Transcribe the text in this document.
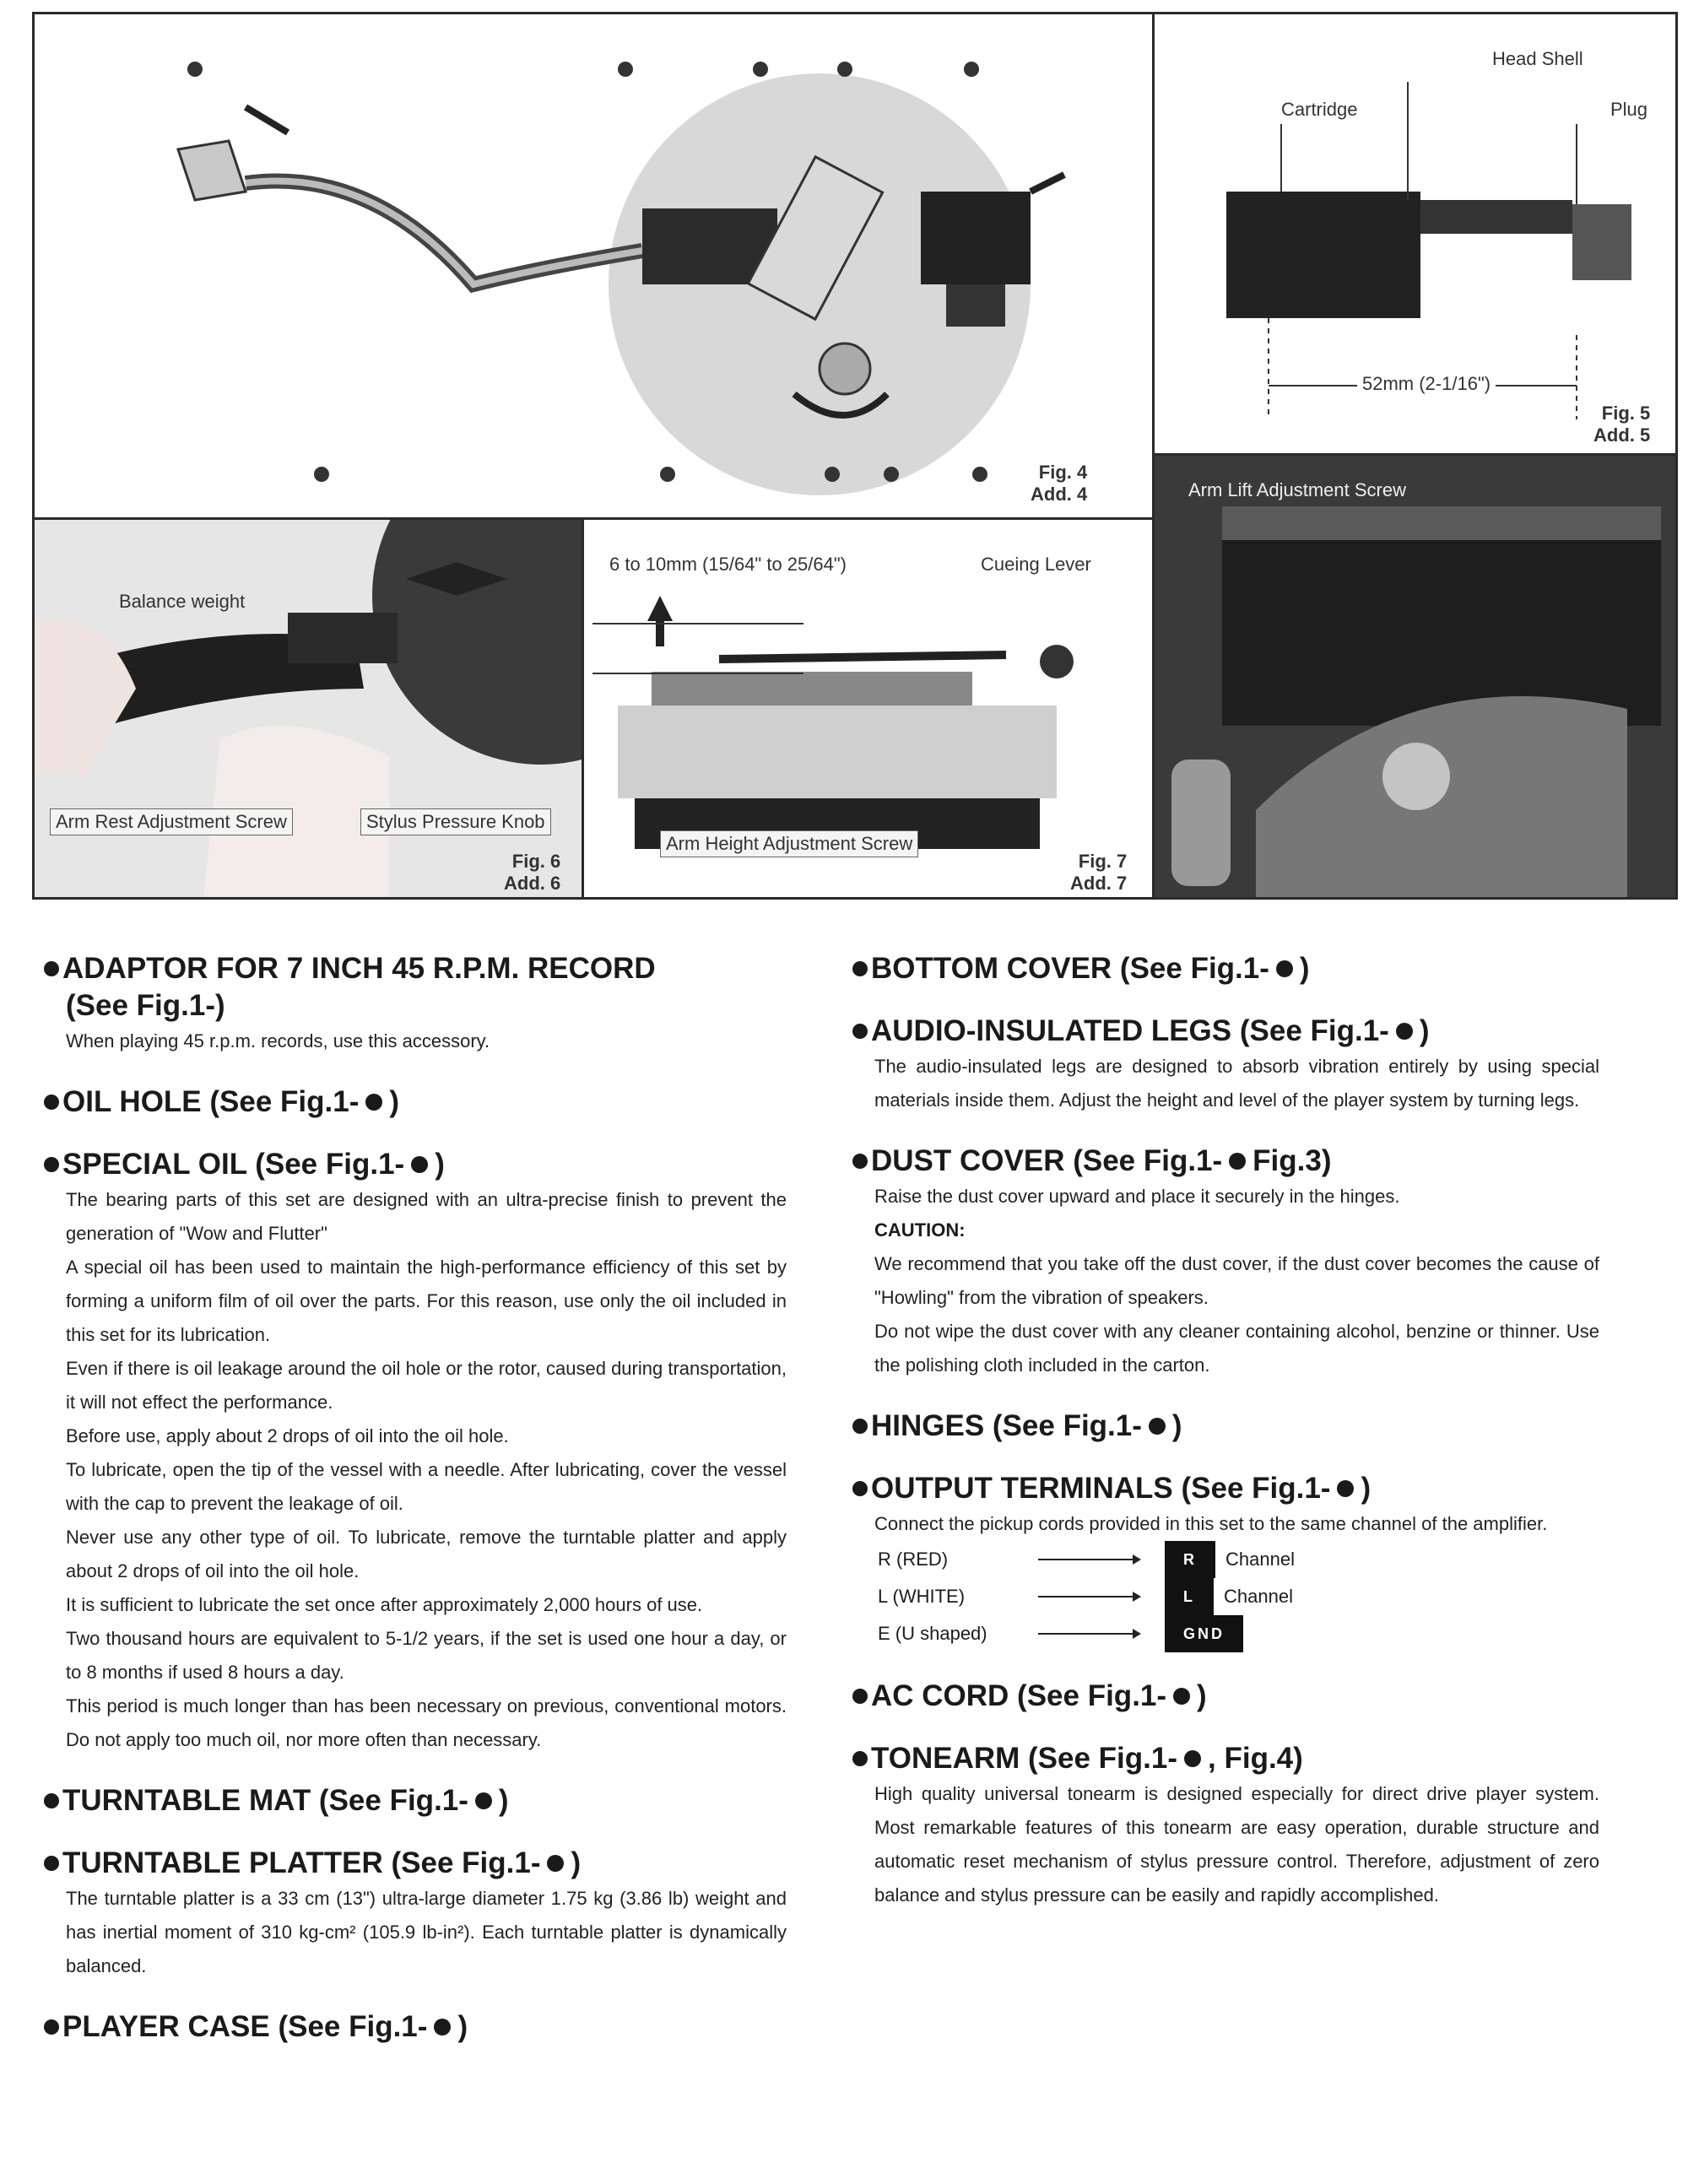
Fig. 4
Add. 4
Cartridge
Head Shell
Plug
52mm (2-1/16")
Fig. 5
Add. 5
Arm Lift Adjustment Screw
Balance weight
Arm Rest Adjustment Screw	Stylus Pressure Knob
Fig. 6
Add. 6
6 to 10mm (15/64" to 25/64")	Cueing Lever
Arm Height Adjustment Screw
Fig. 7
Add. 7
ADAPTOR FOR 7 INCH 45 R.P.M. RECORD
(See Fig.1- )
When playing 45 r.p.m. records, use this accessory.
OIL HOLE (See Fig.1- )
SPECIAL OIL (See Fig.1- )

The bearing parts of this set are designed with an ultra-precise finish to prevent the generation of "Wow and Flutter"

A special oil has been used to maintain the high-performance efficiency of this set by forming a uniform film of oil over the parts. For this reason, use only the oil included in this set for its lubrication.

Even if there is oil leakage around the oil hole or the rotor, caused during transportation, it will not effect the performance.

Before use, apply about 2 drops of oil into the oil hole.

To lubricate, open the tip of the vessel with a needle. After lubricating, cover the vessel with the cap to prevent the leakage of oil.

Never use any other type of oil. To lubricate, remove the turntable platter and apply about 2 drops of oil into the oil hole.

It is sufficient to lubricate the set once after approximately 2,000 hours of use.

Two thousand hours are equivalent to 5-1/2 years, if the set is used one hour a day, or to 8 months if used 8 hours a day.

This period is much longer than has been necessary on previous, conventional motors. Do not apply too much oil, nor more often than necessary.

TURNTABLE MAT (See Fig.1- )
TURNTABLE PLATTER (See Fig.1- )
The turntable platter is a 33 cm (13") ultra-large diameter 1.75 kg (3.86 lb) weight and has inertial moment of 310 kg-cm² (105.9 lb-in²). Each turntable platter is dynamically balanced.
PLAYER CASE (See Fig.1- )
BOTTOM COVER (See Fig.1- )
AUDIO-INSULATED LEGS (See Fig.1- )
The audio-insulated legs are designed to absorb vibration entirely by using special materials inside them. Adjust the height and level of the player system by turning legs.
DUST COVER (See Fig.1- Fig.3)
Raise the dust cover upward and place it securely in the hinges.
CAUTION:

We recommend that you take off the dust cover, if the dust cover becomes the cause of "Howling" from the vibration of speakers.

Do not wipe the dust cover with any cleaner containing alcohol, benzine or thinner. Use the polishing cloth included in the carton.

HINGES (See Fig.1- )
OUTPUT TERMINALS (See Fig.1- )
Connect the pickup cords provided in this set to the same channel of the amplifier.
R (RED)	R	Channel
L (WHITE)	L	Channel
E (U shaped)	GND
AC CORD (See Fig.1- )
TONEARM (See Fig.1- , Fig.4)
High quality universal tonearm is designed especially for direct drive player system. Most remarkable features of this tonearm are easy operation, durable structure and automatic reset mechanism of stylus pressure control. Therefore, adjustment of zero balance and stylus pressure can be easily and rapidly accomplished.
